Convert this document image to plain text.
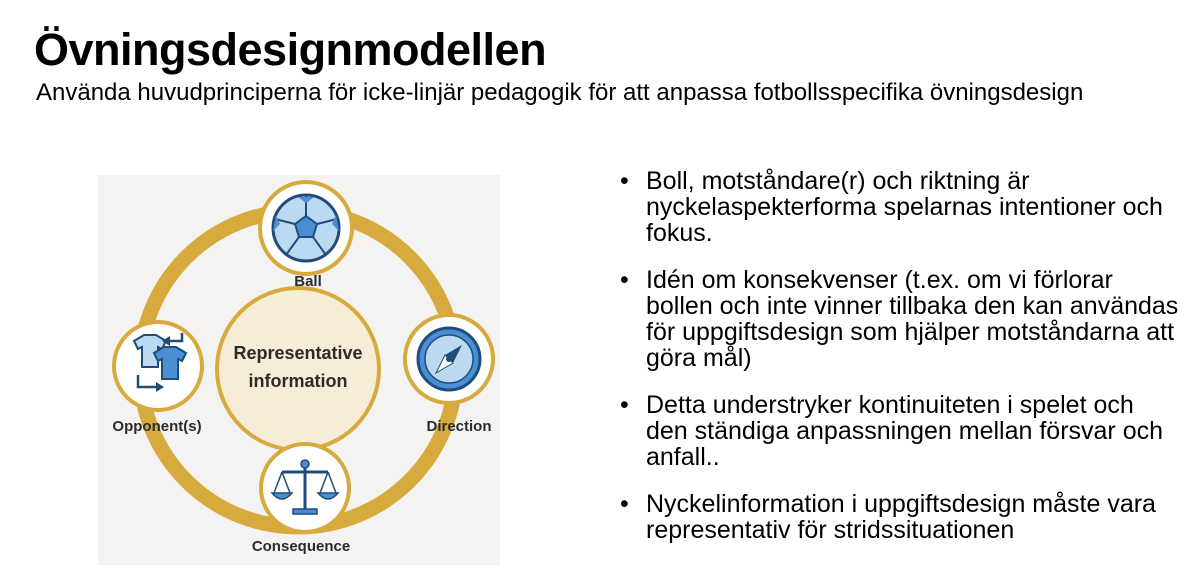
Övningsdesignmodellen

Använda huvudprinciperna för icke-linjär pedagogik för att anpassa fotbollsspecifika övningsdesign

Representative
information
Ball
Direction
Consequence
Opponent(s)
• Boll, motståndare(r) och riktning är nyckelaspekterforma spelarnas intentioner och fokus.
• Idén om konsekvenser (t.ex. om vi förlorar bollen och inte vinner tillbaka den kan användas för uppgiftsdesign som hjälper motståndarna att göra mål)
• Detta understryker kontinuiteten i spelet och den ständiga anpassningen mellan försvar och anfall..
• Nyckelinformation i uppgiftsdesign måste vara representativ för stridssituationen
